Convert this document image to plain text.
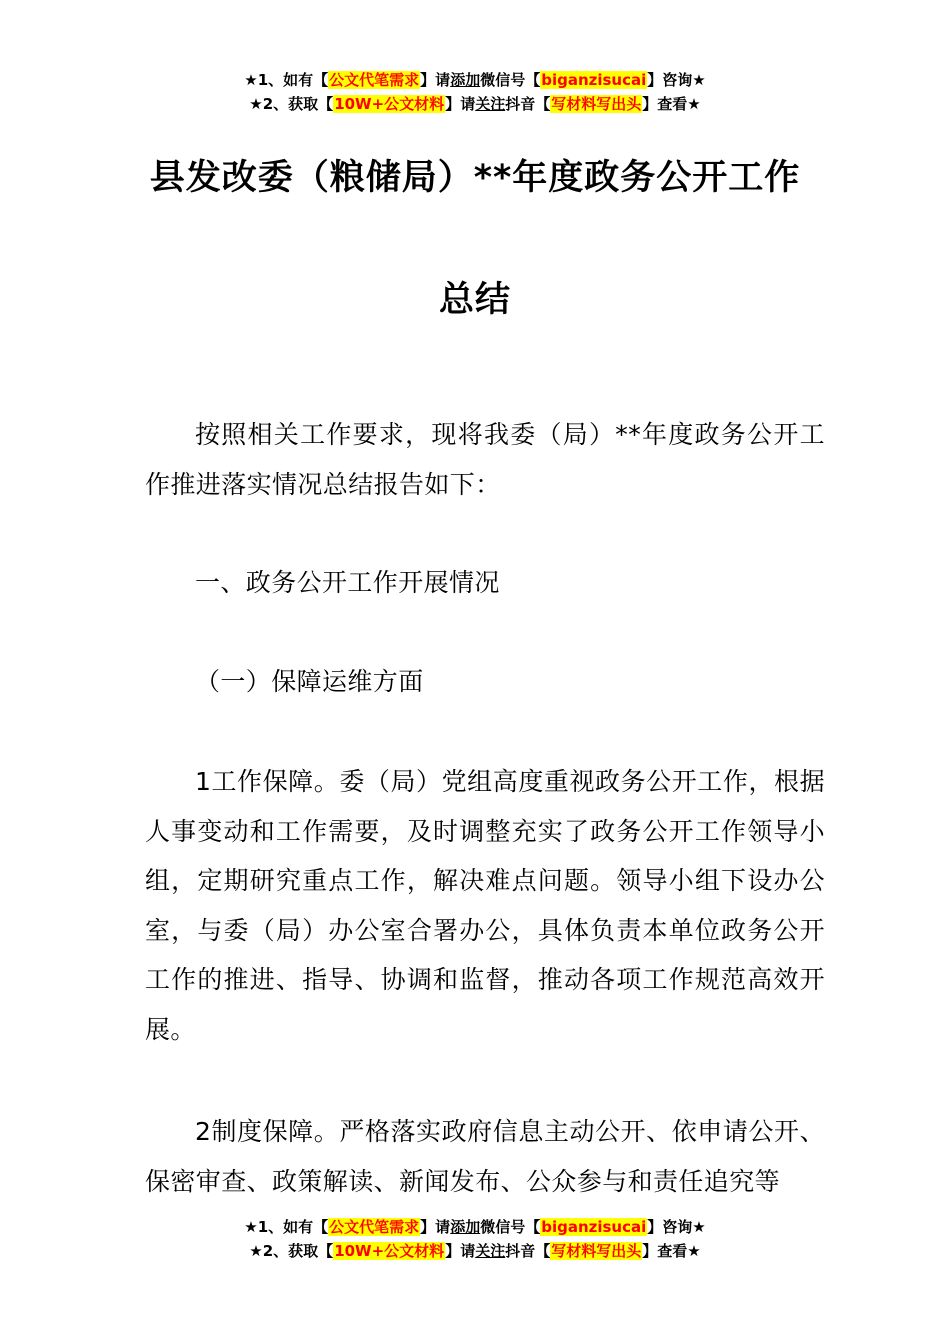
★1、如有【公文代笔需求】请添加微信号【biganzisucai】咨询★
★2、获取【10W+公文材料】请关注抖音【写材料写出头】查看★
县发改委（粮储局）**年度政务公开工作
总结
按照相关工作要求，现将我委（局）**年度政务公开工作推进落实情况总结报告如下：
一、政务公开工作开展情况
（一）保障运维方面
1工作保障。委（局）党组高度重视政务公开工作，根据人事变动和工作需要，及时调整充实了政务公开工作领导小组，定期研究重点工作，解决难点问题。领导小组下设办公室，与委（局）办公室合署办公，具体负责本单位政务公开工作的推进、指导、协调和监督，推动各项工作规范高效开展。
2制度保障。严格落实政府信息主动公开、依申请公开、保密审查、政策解读、新闻发布、公众参与和责任追究等
★1、如有【公文代笔需求】请添加微信号【biganzisucai】咨询★
★2、获取【10W+公文材料】请关注抖音【写材料写出头】查看★
